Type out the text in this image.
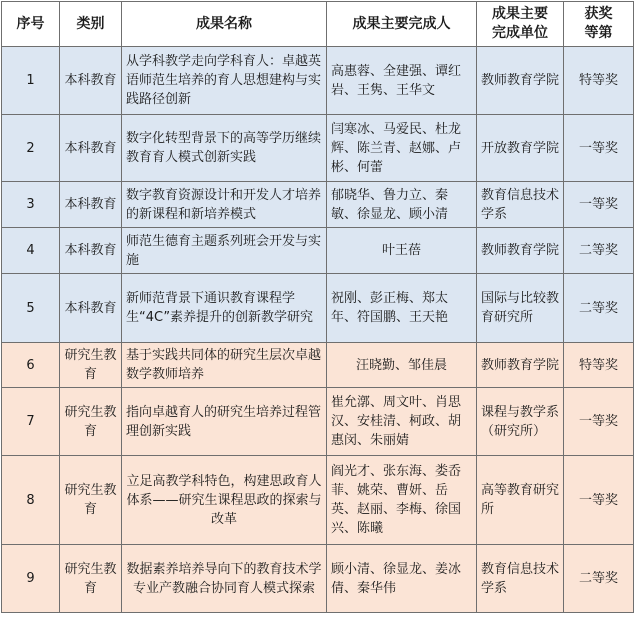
序号	类别	成果名称	成果主要完成人	成果主要完成单位	获奖等第
1	本科教育	从学科教学走向学科育人：卓越英语师范生培养的育人思想建构与实践路径创新	高惠蓉、全建强、谭红岩、王隽、王华文	教师教育学院	特等奖
2	本科教育	数字化转型背景下的高等学历继续教育育人模式创新实践	闫寒冰、马爱民、杜龙辉、陈兰青、赵娜、卢彬、何蕾	开放教育学院	一等奖
3	本科教育	数字教育资源设计和开发人才培养的新课程和新培养模式	郁晓华、鲁力立、秦敏、徐显龙、顾小清	教育信息技术学系	一等奖
4	本科教育	师范生德育主题系列班会开发与实施	叶王蓓	教师教育学院	二等奖
5	本科教育	新师范背景下通识教育课程学生“4C”素养提升的创新教学研究	祝刚、彭正梅、郑太年、符国鹏、王天艳	国际与比较教育研究所	二等奖
6	研究生教育	基于实践共同体的研究生层次卓越数学教师培养	汪晓勤、邹佳晨	教师教育学院	特等奖
7	研究生教育	指向卓越育人的研究生培养过程管理创新实践	崔允漷、周文叶、肖思汉、安桂清、柯政、胡惠闵、朱丽婧	课程与教学系（研究所）	一等奖
8	研究生教育	立足高教学科特色，构建思政育人体系——研究生课程思政的探索与改革	阎光才、张东海、娄岙菲、姚荣、曹妍、岳英、赵丽、李梅、徐国兴、陈曦	高等教育研究所	一等奖
9	研究生教育	数据素养培养导向下的教育技术学专业产教融合协同育人模式探索	顾小清、徐显龙、姜冰倩、秦华伟	教育信息技术学系	二等奖
